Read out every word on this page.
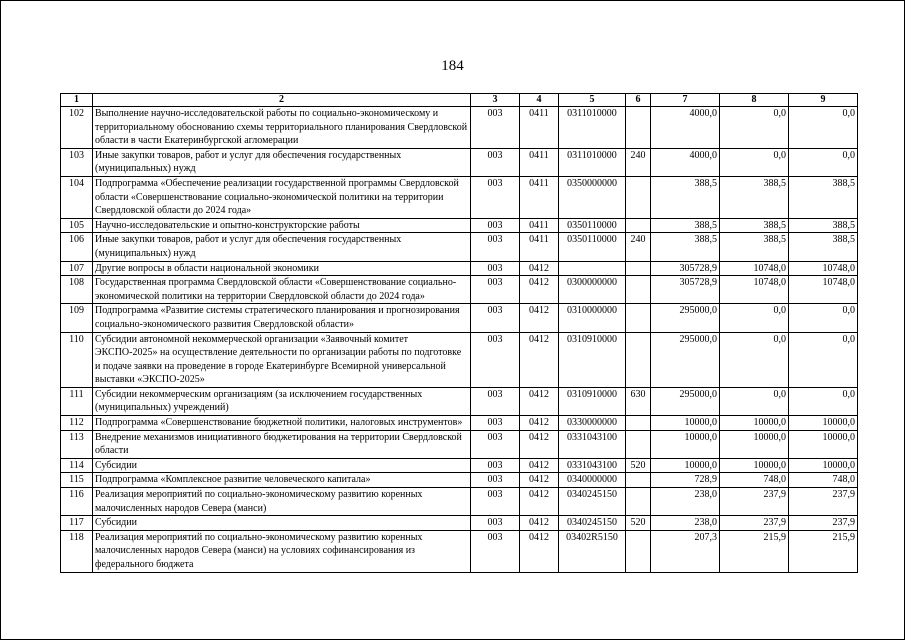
184
1	2	3	4	5	6	7	8	9
102	Выполнение научно-исследовательской работы по социально-экономическому и территориальному обоснованию схемы территориального планирования Свердловской области в части Екатеринбургской агломерации	003	0411	0311010000		4000,0	0,0	0,0
103	Иные закупки товаров, работ и услуг для обеспечения государственных (муниципальных) нужд	003	0411	0311010000	240	4000,0	0,0	0,0
104	Подпрограмма «Обеспечение реализации государственной программы Свердловской области «Совершенствование социально-экономической политики на территории Свердловской области до 2024 года»	003	0411	0350000000		388,5	388,5	388,5
105	Научно-исследовательские и опытно-конструкторские работы	003	0411	0350110000		388,5	388,5	388,5
106	Иные закупки товаров, работ и услуг для обеспечения государственных (муниципальных) нужд	003	0411	0350110000	240	388,5	388,5	388,5
107	Другие вопросы в области национальной экономики	003	0412			305728,9	10748,0	10748,0
108	Государственная программа Свердловской области «Совершенствование социально-экономической политики на территории Свердловской области до 2024 года»	003	0412	0300000000		305728,9	10748,0	10748,0
109	Подпрограмма «Развитие системы стратегического планирования и прогнозирования социально-экономического развития Свердловской области»	003	0412	0310000000		295000,0	0,0	0,0
110	Субсидии автономной некоммерческой организации «Заявочный комитет ЭКСПО-2025» на осуществление деятельности по организации работы по подготовке и подаче заявки на проведение в городе Екатеринбурге Всемирной универсальной выставки «ЭКСПО-2025»	003	0412	0310910000		295000,0	0,0	0,0
111	Субсидии некоммерческим организациям (за исключением государственных (муниципальных) учреждений)	003	0412	0310910000	630	295000,0	0,0	0,0
112	Подпрограмма «Совершенствование бюджетной политики, налоговых инструментов»	003	0412	0330000000		10000,0	10000,0	10000,0
113	Внедрение механизмов инициативного бюджетирования на территории Свердловской области	003	0412	0331043100		10000,0	10000,0	10000,0
114	Субсидии	003	0412	0331043100	520	10000,0	10000,0	10000,0
115	Подпрограмма «Комплексное развитие человеческого капитала»	003	0412	0340000000		728,9	748,0	748,0
116	Реализация мероприятий по социально-экономическому развитию коренных малочисленных народов Севера (манси)	003	0412	0340245150		238,0	237,9	237,9
117	Субсидии	003	0412	0340245150	520	238,0	237,9	237,9
118	Реализация мероприятий по социально-экономическому развитию коренных малочисленных народов Севера (манси) на условиях софинансирования из федерального бюджета	003	0412	03402R5150		207,3	215,9	215,9
